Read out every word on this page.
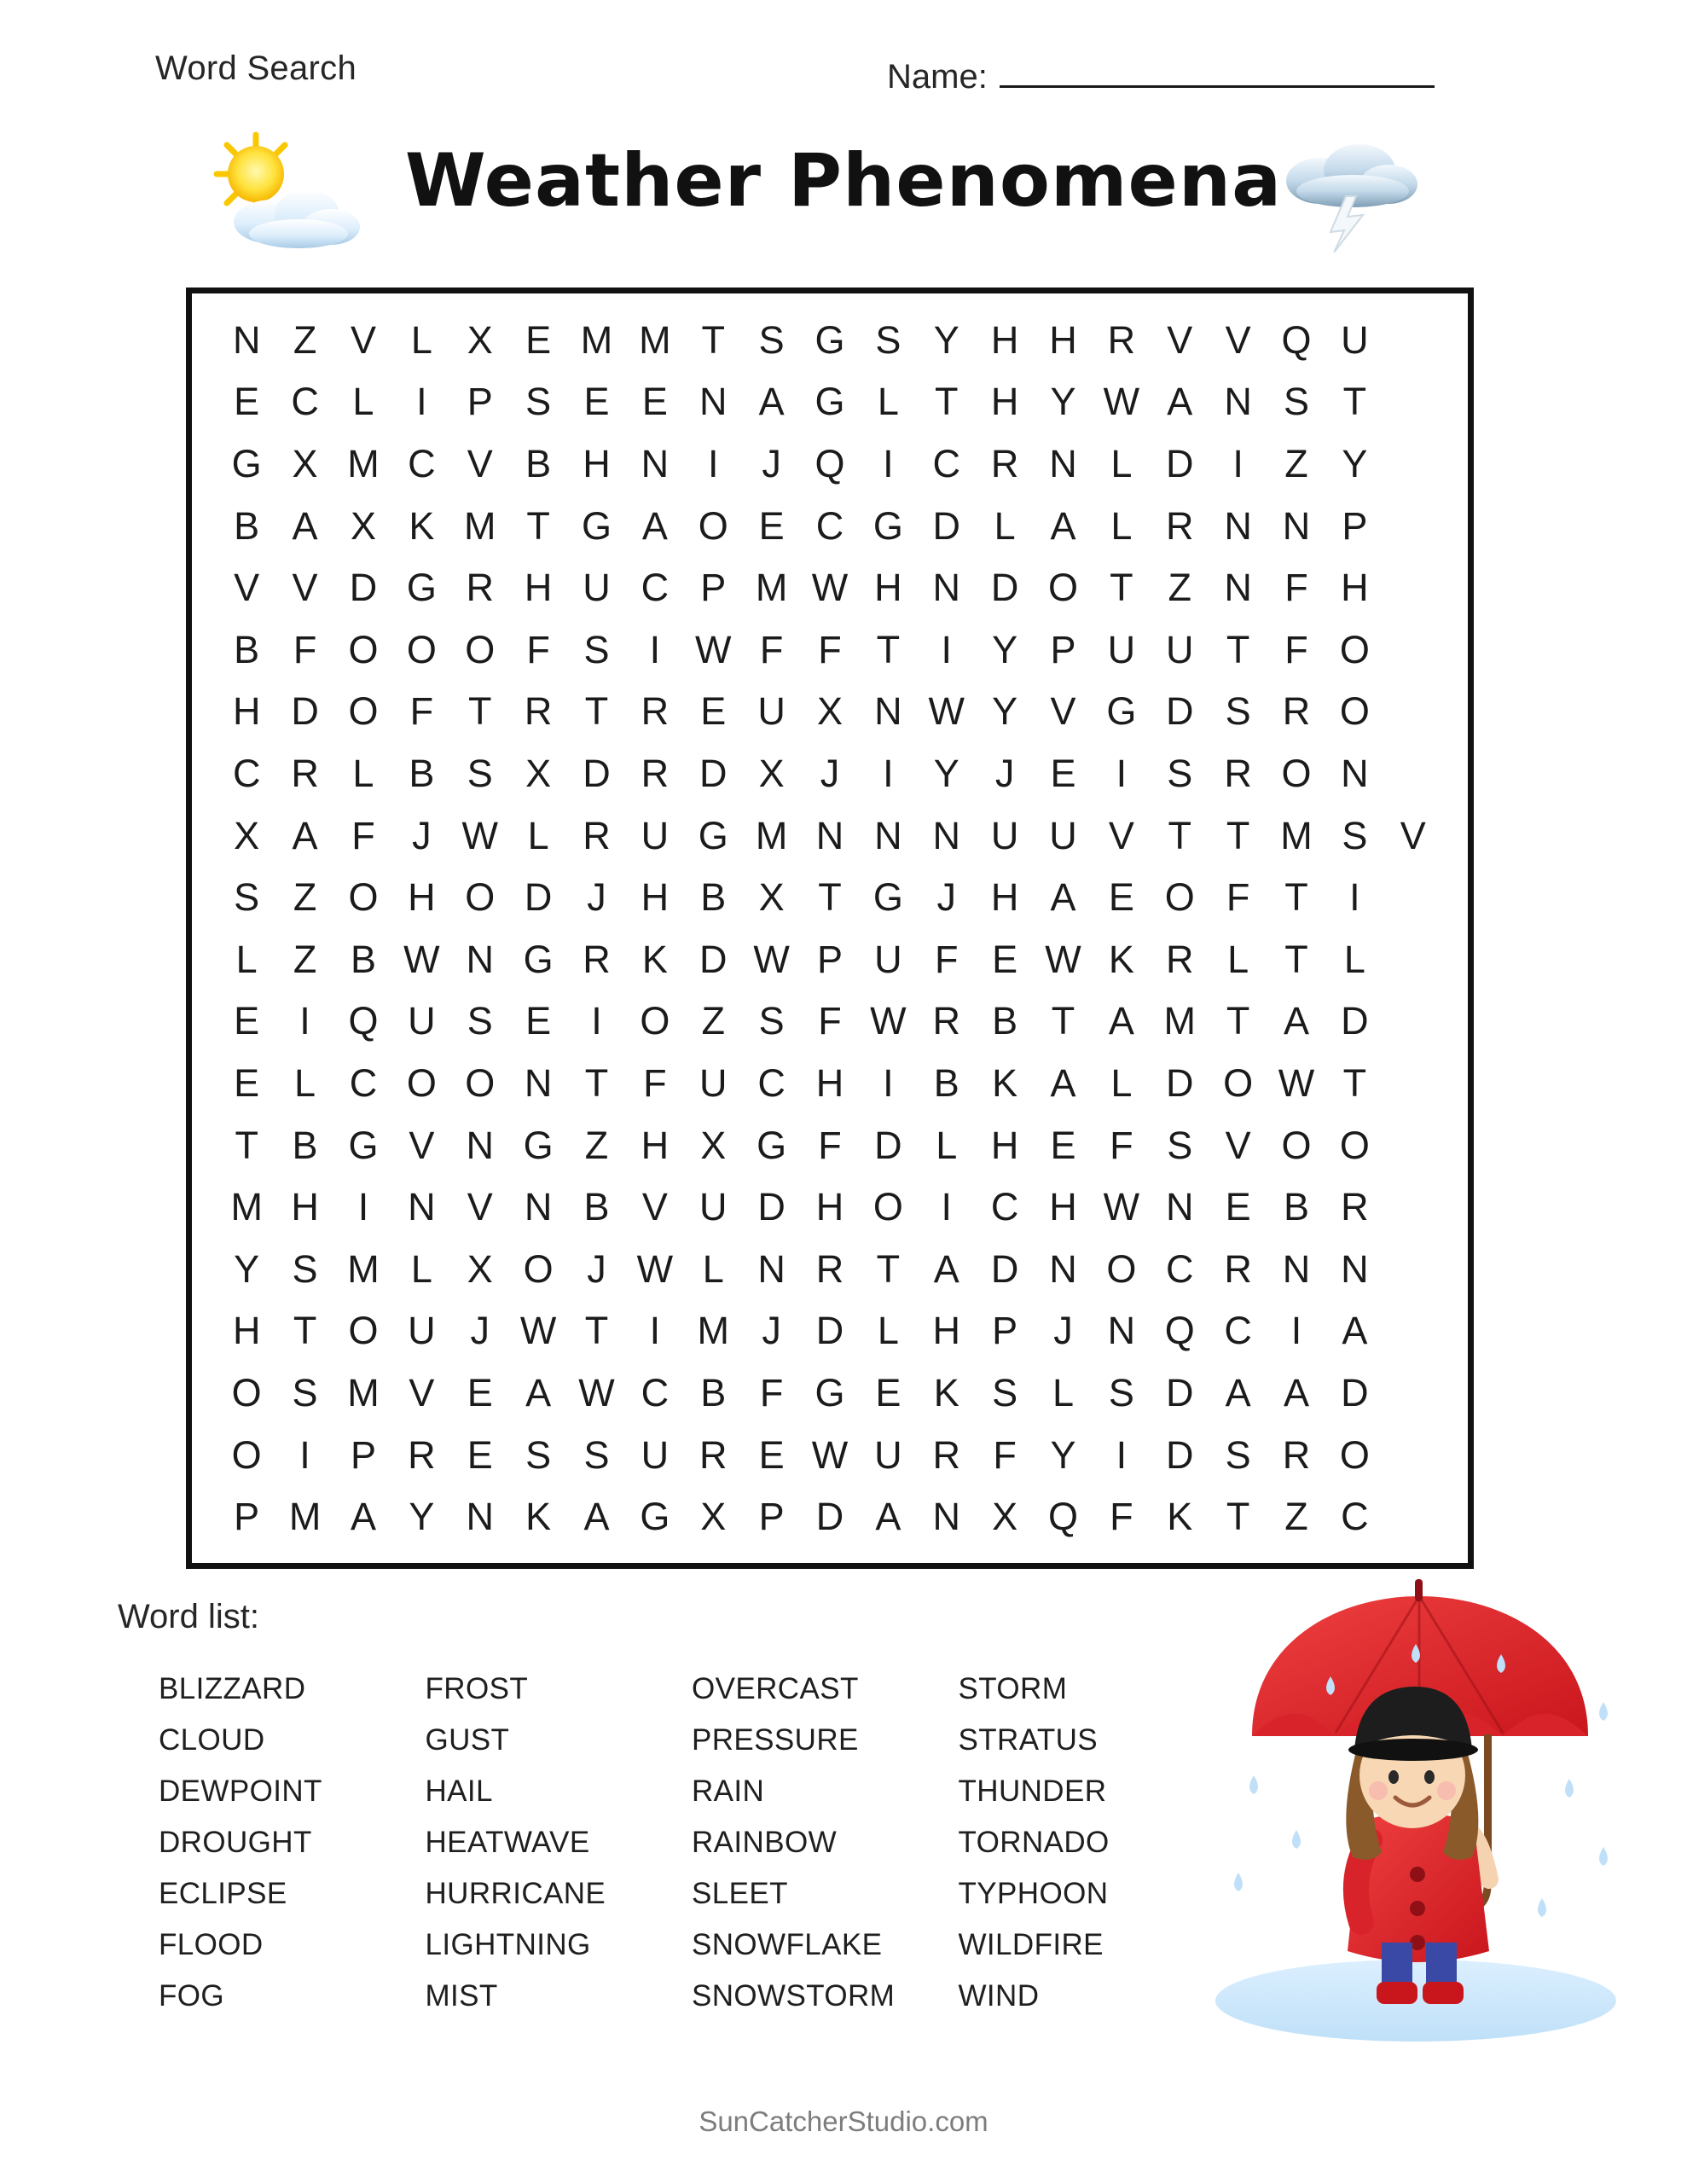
Word Search	Name:
Weather Phenomena
N Z V L X E M M T S G S Y H H R V V Q U
E C L I P S E E N A G L T H Y W A N S T
G X M C V B H N I J Q I C R N L D I Z Y
B A X K M T G A O E C G D L A L R N N P
V V D G R H U C P M W H N D O T Z N F H
B F O O O F S I W F F T I Y P U U T F O
H D O F T R T R E U X N W Y V G D S R O
C R L B S X D R D X J I Y J E I S R O N
X A F J W L R U G M N N N U U V T T M S V
S Z O H O D J H B X T G J H A E O F T I
L Z B W N G R K D W P U F E W K R L T L
E I Q U S E I O Z S F W R B T A M T A D
E L C O O N T F U C H I B K A L D O W T
T B G V N G Z H X G F D L H E F S V O O
M H I N V N B V U D H O I C H W N E B R
Y S M L X O J W L N R T A D N O C R N N
H T O U J W T I M J D L H P J N Q C I A
O S M V E A W C B F G E K S L S D A A D
O I P R E S S U R E W U R F Y I D S R O
P M A Y N K A G X P D A N X Q F K T Z C
Word list:
BLIZZARD
CLOUD
DEWPOINT
DROUGHT
ECLIPSE
FLOOD
FOG
FROST
GUST
HAIL
HEATWAVE
HURRICANE
LIGHTNING
MIST
OVERCAST
PRESSURE
RAIN
RAINBOW
SLEET
SNOWFLAKE
SNOWSTORM
STORM
STRATUS
THUNDER
TORNADO
TYPHOON
WILDFIRE
WIND
SunCatcherStudio.com
